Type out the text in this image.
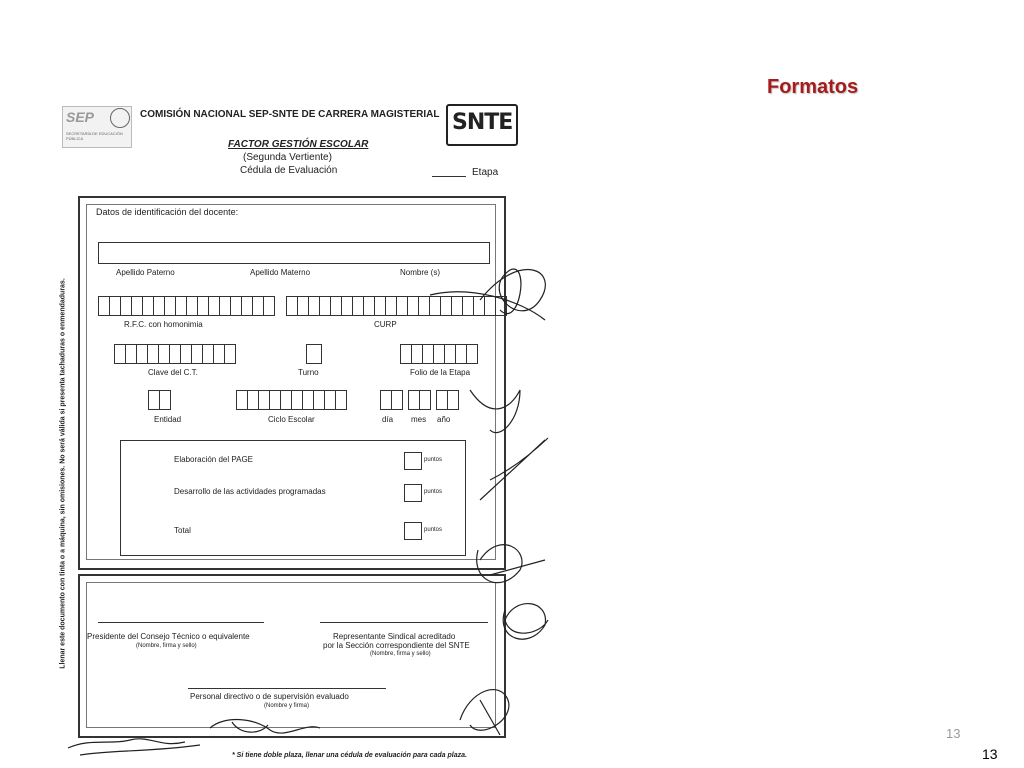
Formatos
13
13
SEP
SECRETARÍA DE EDUCACIÓN PÚBLICA
COMISIÓN NACIONAL SEP-SNTE DE CARRERA MAGISTERIAL SNTE
FACTOR GESTIÓN ESCOLAR
(Segunda Vertiente)
Cédula de Evaluación	Etapa
Llenar este documento con tinta o a máquina, sin omisiones. No será válida si presenta tachaduras o enmendaduras.
Datos de identificación del docente:
Apellido Paterno	Apellido Materno	Nombre (s)
R.F.C. con homonimia	CURP
Clave del C.T.	Turno	Folio de la Etapa
Entidad	Ciclo Escolar	día mes año
Elaboración del PAGE	puntos
Desarrollo de las actividades programadas	puntos
Total	puntos
Presidente del Consejo Técnico o equivalente
(Nombre, firma y sello)
Representante Sindical acreditado
por la Sección correspondiente del SNTE
(Nombre, firma y sello)
Personal directivo o de supervisión evaluado
(Nombre y firma)
* Si tiene doble plaza, llenar una cédula de evaluación para cada plaza.
